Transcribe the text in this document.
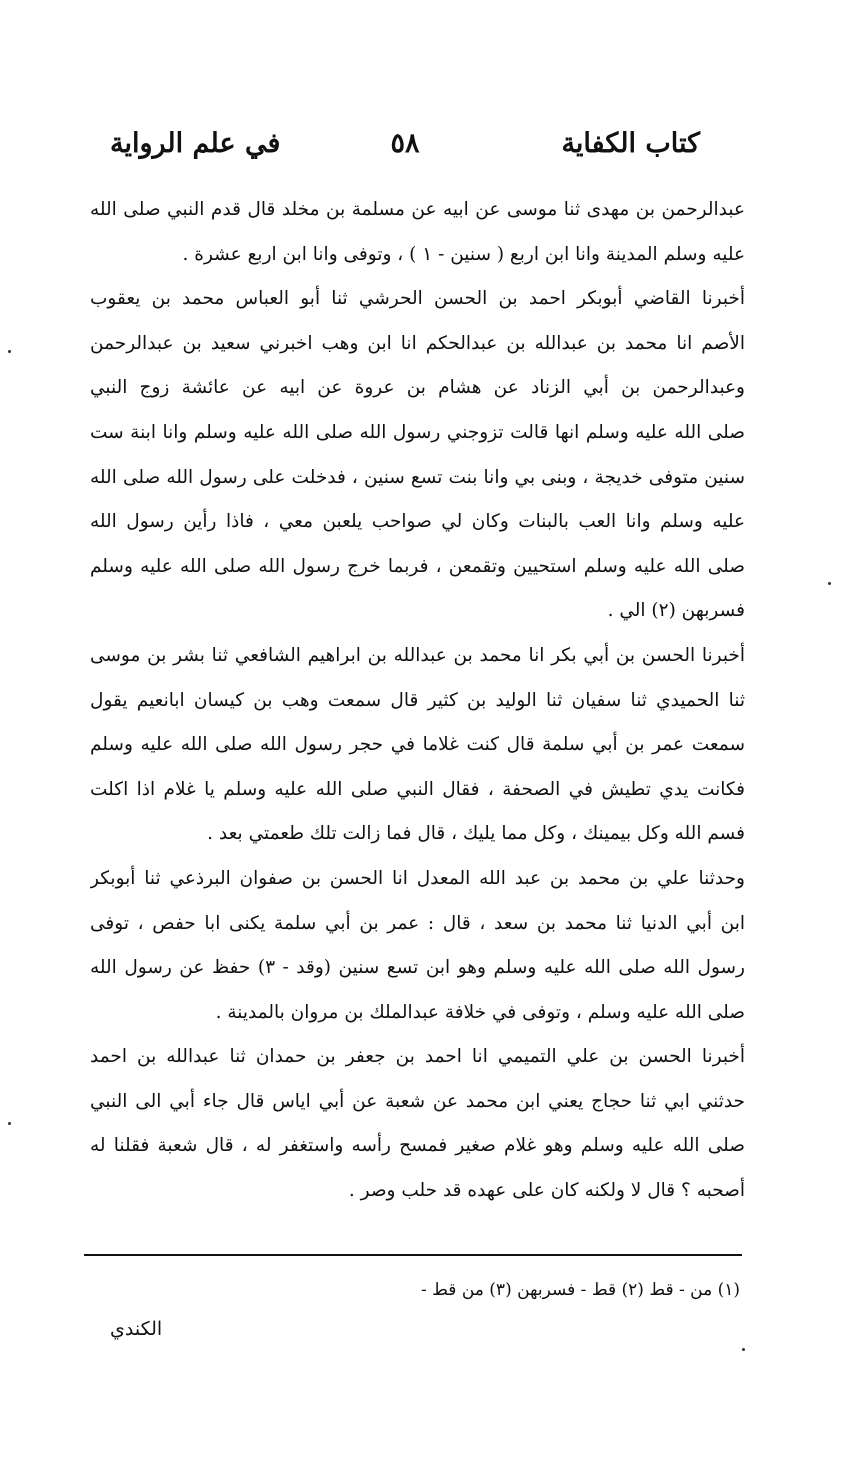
كتاب الكفاية
٥٨
في علم الرواية
عبدالرحمن بن مهدى ثنا موسى عن ابيه عن مسلمة بن مخلد قال قدم النبي صلى الله
عليه وسلم المدينة وانا ابن اربع ( سنين - ١ ) ، وتوفى وانا ابن اربع عشرة .
أخبرنا القاضي أبوبكر احمد بن الحسن الحرشي ثنا أبو العباس محمد بن يعقوب
الأصم انا محمد بن عبدالله بن عبدالحكم انا ابن وهب اخبرني سعيد بن عبدالرحمن
وعبدالرحمن بن أبي الزناد عن هشام بن عروة عن ابيه عن عائشة زوج النبي
صلى الله عليه وسلم انها قالت تزوجني رسول الله صلى الله عليه وسلم وانا ابنة ست
سنين متوفى خديجة ، وبنى بي وانا بنت تسع سنين ، فدخلت على رسول الله صلى الله
عليه وسلم وانا العب بالبنات وكان لي صواحب يلعبن معي ، فاذا رأين رسول الله
صلى الله عليه وسلم استحيين وتقمعن ، فربما خرج رسول الله صلى الله عليه وسلم
فسربهن (٢) الي .
أخبرنا الحسن بن أبي بكر انا محمد بن عبدالله بن ابراهيم الشافعي ثنا بشر بن موسى
ثنا الحميدي ثنا سفيان ثنا الوليد بن كثير قال سمعت وهب بن كيسان ابانعيم يقول
سمعت عمر بن أبي سلمة قال كنت غلاما في حجر رسول الله صلى الله عليه وسلم
فكانت يدي تطيش في الصحفة ، فقال النبي صلى الله عليه وسلم يا غلام اذا اكلت
فسم الله وكل بيمينك ، وكل مما يليك ، قال فما زالت تلك طعمتي بعد .
وحدثنا علي بن محمد بن عبد الله المعدل انا الحسن بن صفوان البرذعي ثنا أبوبكر
ابن أبي الدنيا ثنا محمد بن سعد ، قال : عمر بن أبي سلمة يكنى ابا حفص ، توفى
رسول الله صلى الله عليه وسلم وهو ابن تسع سنين (وقد - ٣) حفظ عن رسول الله
صلى الله عليه وسلم ، وتوفى في خلافة عبدالملك بن مروان بالمدينة .
أخبرنا الحسن بن علي التميمي انا احمد بن جعفر بن حمدان ثنا عبدالله بن احمد
حدثني ابي ثنا حجاج يعني ابن محمد عن شعبة عن أبي اياس قال جاء أبي الى النبي
صلى الله عليه وسلم وهو غلام صغير فمسح رأسه واستغفر له ، قال شعبة فقلنا له
أصحبه ؟ قال لا ولكنه كان على عهده قد حلب وصر .
(١) من - قط (٢) قط - فسربهن (٣) من قط -
الكندي
